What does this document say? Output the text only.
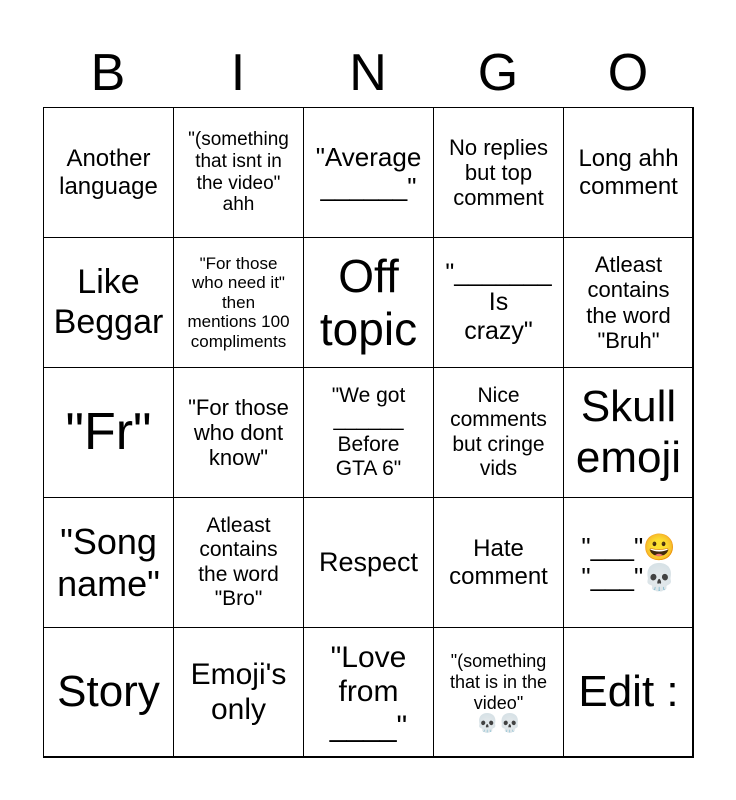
B	I	N	G	O
Another
language
"(something
that isnt in
the video"
ahh
"Average
______"
No replies
but top
comment
Long ahh
comment
Like
Beggar
"For those
who need it"
then
mentions 100
compliments
Off
topic
"_______
Is
crazy"
Atleast
contains
the word
"Bruh"
"Fr"	"For those
who dont
know"
"We got
______
Before
GTA 6"
Nice
comments
but cringe
vids
Skull
emoji
"Song
name"
Atleast
contains
the word
"Bro"
Respect	Hate
comment
"___"😀
"___"💀
Story	Emoji's
only
"Love
from
____"
"(something
that is in the
video"
💀💀
Edit :
